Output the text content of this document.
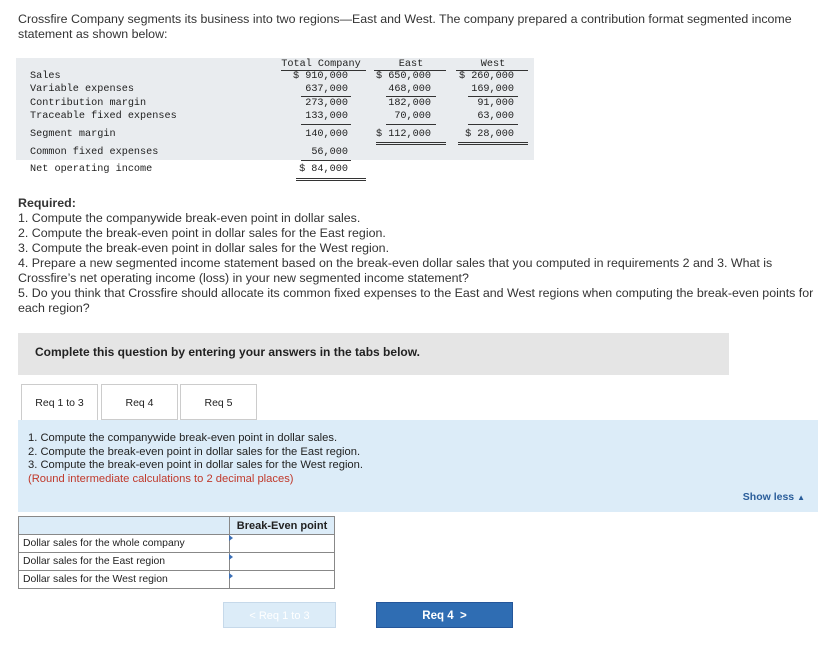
Crossfire Company segments its business into two regions—East and West. The company prepared a contribution format segmented income statement as shown below:
Total Company	East	West
Sales	$ 910,000	$ 650,000	$ 260,000
Variable expenses	637,000	468,000	169,000
Contribution margin	273,000	182,000	91,000
Traceable fixed expenses	133,000	70,000	63,000
Segment margin	140,000	$ 112,000	$ 28,000
Common fixed expenses	56,000
Net operating income	$ 84,000
Required:
1. Compute the companywide break-even point in dollar sales.
2. Compute the break-even point in dollar sales for the East region.
3. Compute the break-even point in dollar sales for the West region.
4. Prepare a new segmented income statement based on the break-even dollar sales that you computed in requirements 2 and 3. What is Crossfire’s net operating income (loss) in your new segmented income statement?
5. Do you think that Crossfire should allocate its common fixed expenses to the East and West regions when computing the break-even points for each region?
Complete this question by entering your answers in the tabs below.
Req 1 to 3	Req 4	Req 5
1. Compute the companywide break-even point in dollar sales.
2. Compute the break-even point in dollar sales for the East region.
3. Compute the break-even point in dollar sales for the West region.
(Round intermediate calculations to 2 decimal places)
Show less ▲
	Break-Even point
Dollar sales for the whole company	
Dollar sales for the East region	
Dollar sales for the West region	
< Req 1 to 3	Req 4 >
